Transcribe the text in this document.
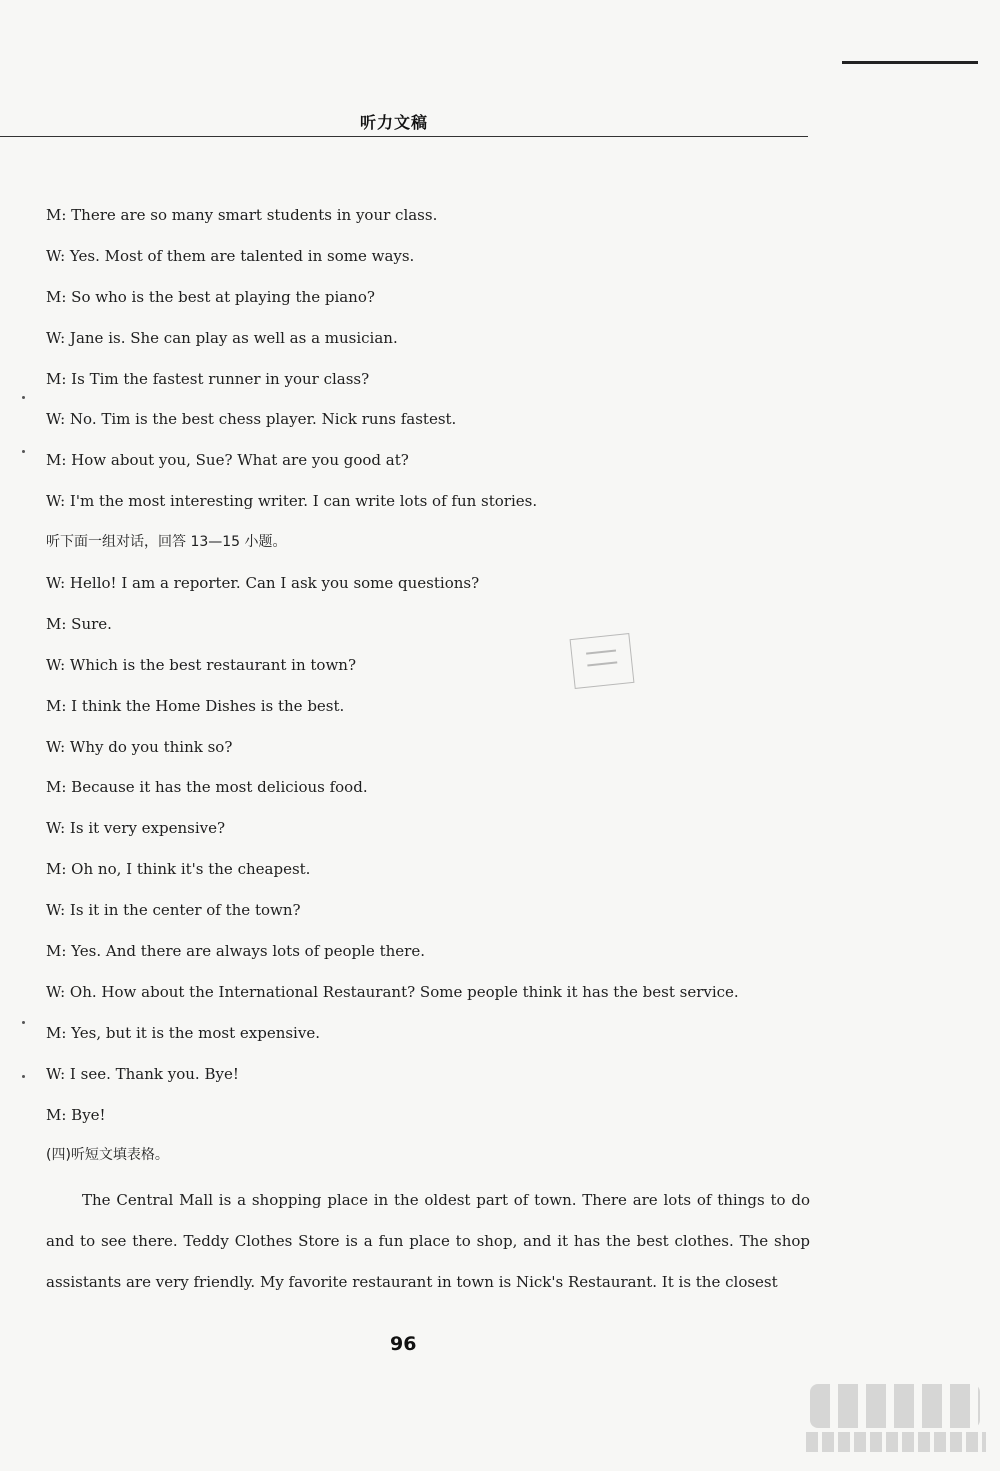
听力文稿
M: There are so many smart students in your class.
W: Yes. Most of them are talented in some ways.
M: So who is the best at playing the piano?
W: Jane is. She can play as well as a musician.
M: Is Tim the fastest runner in your class?
W: No. Tim is the best chess player. Nick runs fastest.
M: How about you, Sue? What are you good at?
W: I'm the most interesting writer. I can write lots of fun stories.
听下面一组对话，回答 13—15 小题。
W: Hello! I am a reporter. Can I ask you some questions?
M: Sure.
W: Which is the best restaurant in town?
M: I think the Home Dishes is the best.
W: Why do you think so?
M: Because it has the most delicious food.
W: Is it very expensive?
M: Oh no, I think it's the cheapest.
W: Is it in the center of the town?
M: Yes. And there are always lots of people there.
W: Oh. How about the International Restaurant? Some people think it has the best service.
M: Yes, but it is the most expensive.
W: I see. Thank you. Bye!
M: Bye!
(四)听短文填表格。
The Central Mall is a shopping place in the oldest part of town. There are lots of things to do and to see there. Teddy Clothes Store is a fun place to shop, and it has the best clothes. The shop assistants are very friendly. My favorite restaurant in town is Nick's Restaurant. It is the closest
96
